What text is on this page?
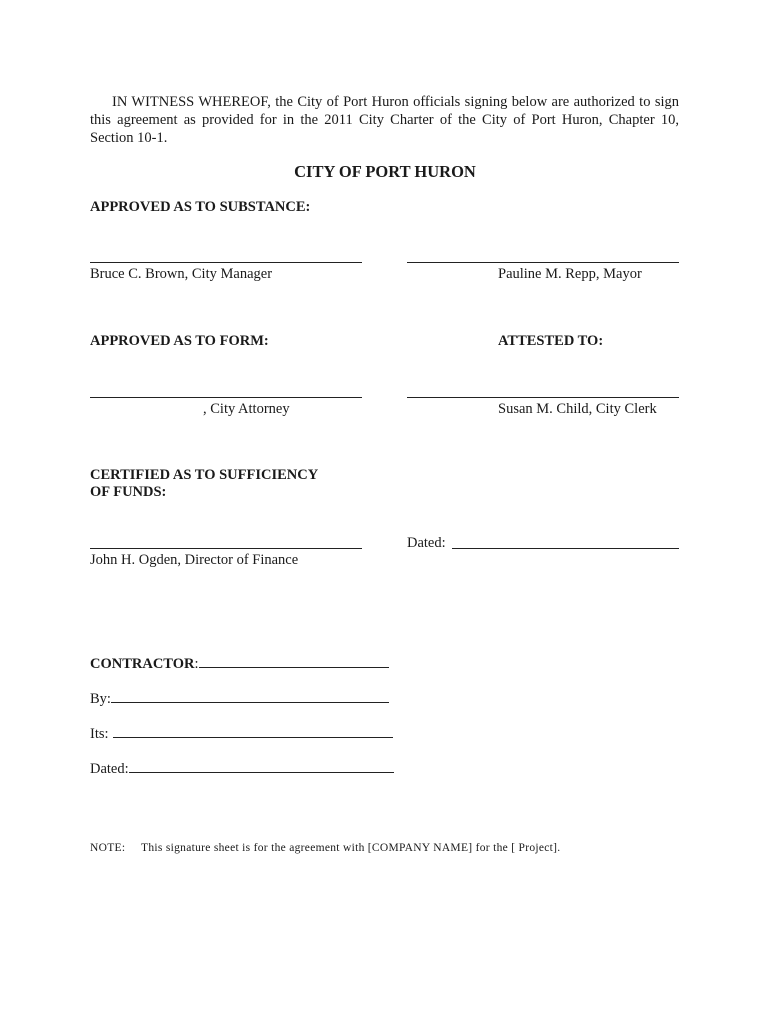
IN WITNESS WHEREOF, the City of Port Huron officials signing below are authorized to sign this agreement as provided for in the 2011 City Charter of the City of Port Huron, Chapter 10, Section 10-1.

CITY OF PORT HURON
APPROVED AS TO SUBSTANCE:
Bruce C. Brown, City Manager	Pauline M. Repp, Mayor
APPROVED AS TO FORM:	ATTESTED TO:
, City Attorney	Susan M. Child, City Clerk
CERTIFIED AS TO SUFFICIENCY
OF FUNDS:
Dated:
John H. Ogden, Director of Finance
CONTRACTOR:
By:
Its:
Dated:
NOTE: This signature sheet is for the agreement with [COMPANY NAME] for the [ Project].
